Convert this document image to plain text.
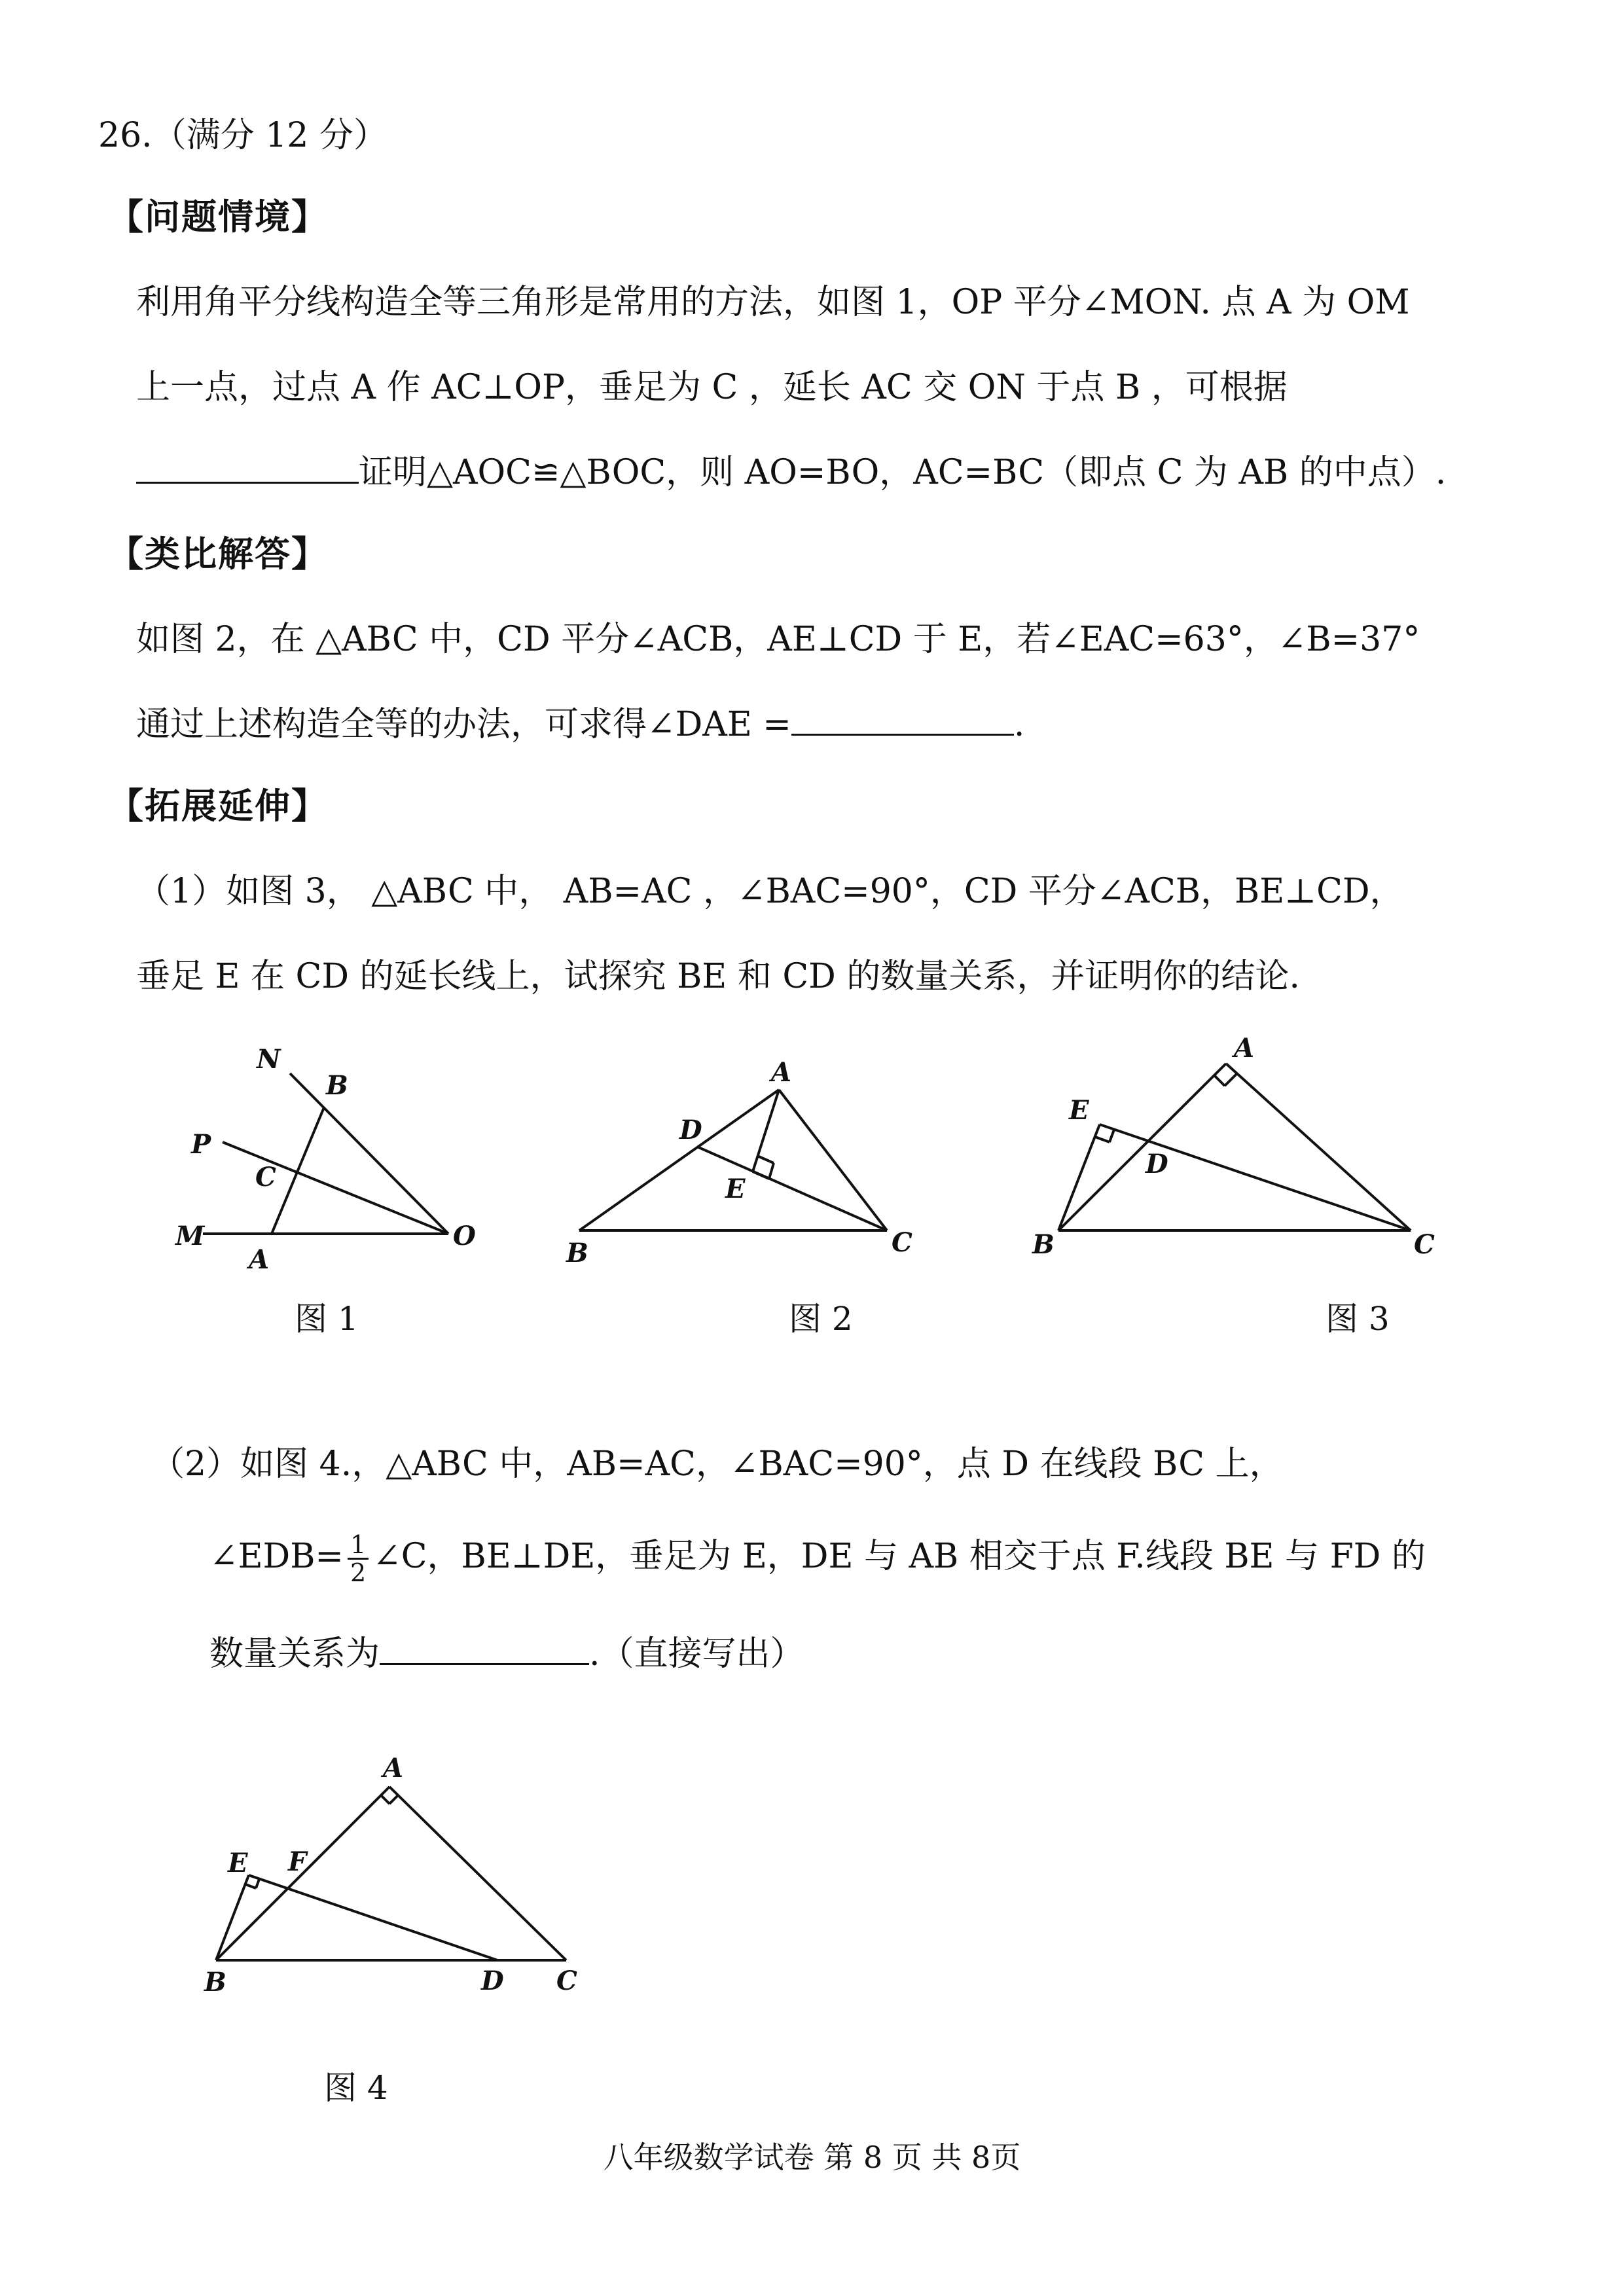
26.（满分 12 分）
【问题情境】
利用角平分线构造全等三角形是常用的方法，如图 1，OP 平分∠MON. 点 A 为 OM
上一点，过点 A 作 AC⊥OP，垂足为 C ，延长 AC 交 ON 于点 B ，可根据
证明△AOC≌△BOC，则 AO=BO，AC=BC（即点 C 为 AB 的中点）.
【类比解答】
如图 2，在 △ABC 中，CD 平分∠ACB，AE⊥CD 于 E，若∠EAC=63°，∠B=37°
通过上述构造全等的办法，可求得∠DAE =	.
【拓展延伸】
（1）如图 3， △ABC 中， AB=AC ，∠BAC=90°，CD 平分∠ACB，BE⊥CD，
垂足 E 在 CD 的延长线上，试探究 BE 和 CD 的数量关系，并证明你的结论.
N
B
P
C
M
A
O
图 1
A
D
E
B	C
图 2
A
E
D
B	C
图 3
（2）如图 4.，△ABC 中，AB=AC，∠BAC=90°，点 D 在线段 BC 上，
∠EDB= $\frac{1}{2}$ ∠C，BE⊥DE，垂足为 E，DE 与 AB 相交于点 F.线段 BE 与 FD 的
数量关系为	.（直接写出）
A
E F
B	D C
图 4
八年级数学试卷 第 8 页 共 8页
